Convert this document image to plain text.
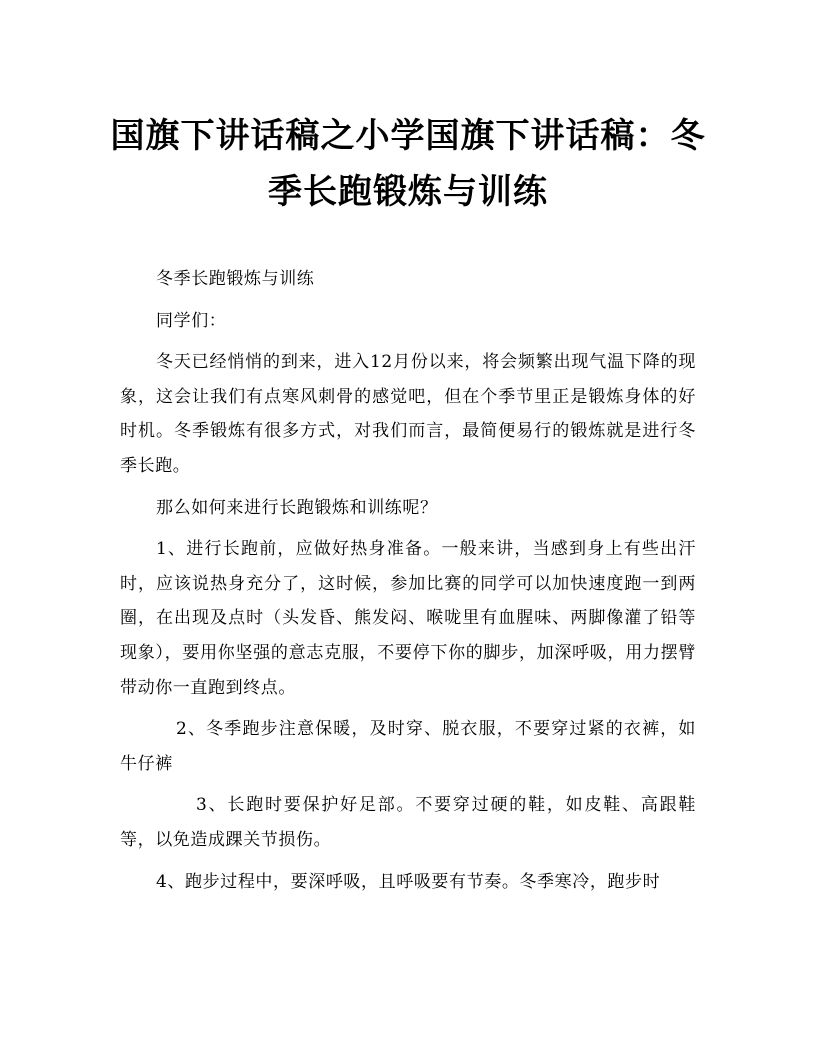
国旗下讲话稿之小学国旗下讲话稿：冬季长跑锻炼与训练

冬季长跑锻炼与训练

同学们：

冬天已经悄悄的到来，进入12月份以来，将会频繁出现气温下降的现象，这会让我们有点寒风刺骨的感觉吧，但在个季节里正是锻炼身体的好时机。冬季锻炼有很多方式，对我们而言，最简便易行的锻炼就是进行冬季长跑。

那么如何来进行长跑锻炼和训练呢？

1、进行长跑前，应做好热身准备。一般来讲，当感到身上有些出汗时，应该说热身充分了，这时候，参加比赛的同学可以加快速度跑一到两圈，在出现及点时（头发昏、熊发闷、喉咙里有血腥味、两脚像灌了铅等现象），要用你坚强的意志克服，不要停下你的脚步，加深呼吸，用力摆臂带动你一直跑到终点。

2、冬季跑步注意保暖，及时穿、脱衣服，不要穿过紧的衣裤，如牛仔裤

3、长跑时要保护好足部。不要穿过硬的鞋，如皮鞋、高跟鞋等，以免造成踝关节损伤。

4、跑步过程中，要深呼吸，且呼吸要有节奏。冬季寒冷，跑步时
